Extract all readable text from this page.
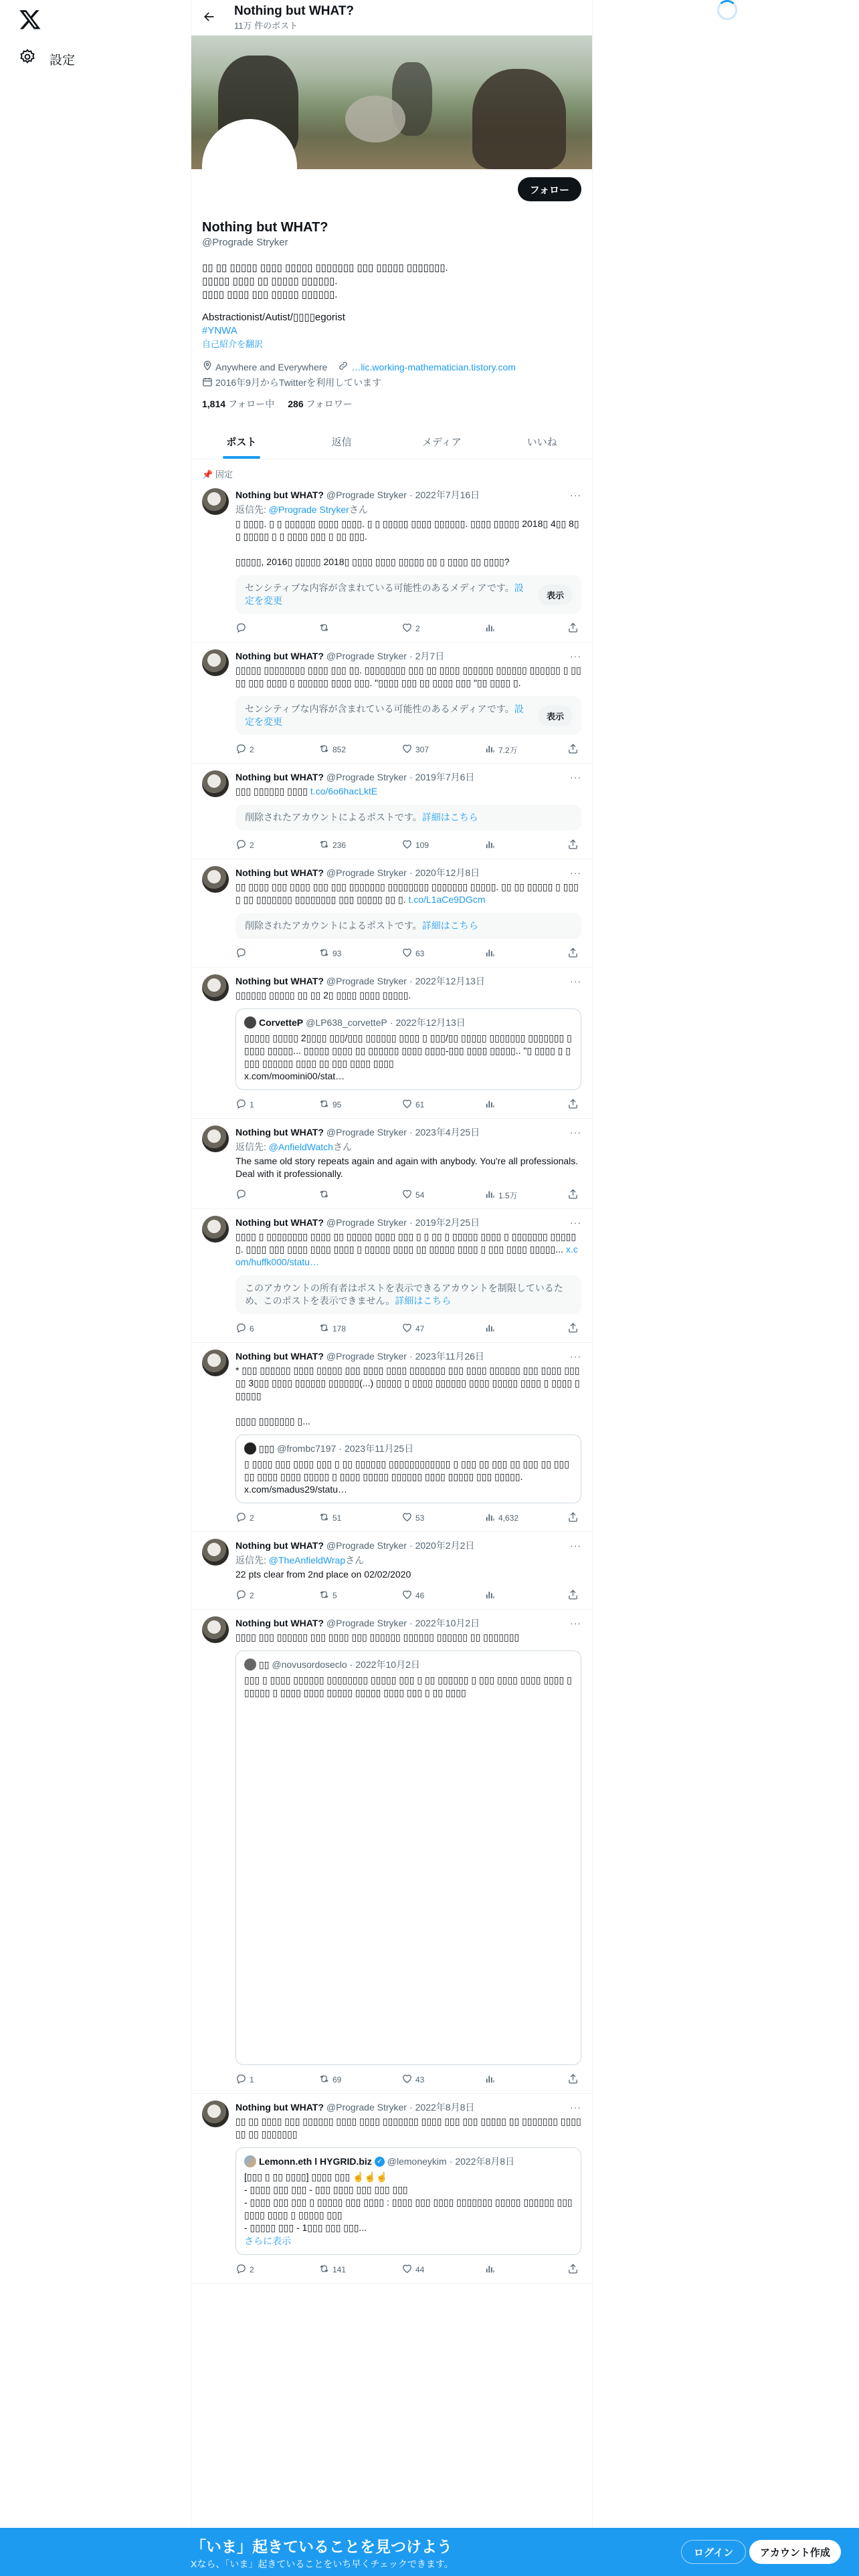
設定
Nothing but WHAT?
11万 件のポスト
フォロー
Nothing but WHAT?
@Prograde Stryker
▯▯ ▯▯ ▯▯▯▯▯ ▯▯▯▯ ▯▯▯▯▯ ▯▯▯▯▯▯▯ ▯▯▯ ▯▯▯▯▯ ▯▯▯▯▯▯▯.
▯▯▯▯▯ ▯▯▯▯ ▯▯ ▯▯▯▯▯ ▯▯▯▯▯▯.
▯▯▯▯ ▯▯▯▯ ▯▯▯ ▯▯▯▯▯ ▯▯▯▯▯▯.
Abstractionist/Autist/▯▯▯▯egorist
#YNWA
自己紹介を翻訳
Anywhere and Everywhere	…lic.working-mathematician.tistory.com
2016年9月からTwitterを利用しています
1,814 フォロー中 286 フォロワー
ポスト	返信	メディア	いいね
📌 固定
Nothing but WHAT? @Prograde Stryker · 2022年7月16日	···
返信先: @Prograde Strykerさん
▯ ▯▯▯▯. ▯ ▯ ▯▯▯▯▯▯ ▯▯▯▯ ▯▯▯▯. ▯ ▯ ▯▯▯▯▯ ▯▯▯▯ ▯▯▯▯▯▯. ▯▯▯▯ ▯▯▯▯▯ 2018▯ 4▯▯ 8▯▯ ▯▯▯▯▯ ▯ ▯ ▯▯▯▯ ▯▯▯ ▯ ▯▯ ▯▯▯.

▯▯▯▯▯, 2016▯ ▯▯▯▯▯ 2018▯ ▯▯▯▯ ▯▯▯▯ ▯▯▯▯▯ ▯▯ ▯ ▯▯▯▯ ▯▯ ▯▯▯▯?
センシティブな内容が含まれている可能性のあるメディアです。設定を変更	表示
2
Nothing but WHAT? @Prograde Stryker · 2月7日	···
▯▯▯▯▯ ▯▯▯▯▯▯▯▯ ▯▯▯▯ ▯▯▯ ▯▯. ▯▯▯▯▯▯▯▯ ▯▯▯ ▯▯ ▯▯▯▯ ▯▯▯▯▯▯ ▯▯▯▯▯▯ ▯▯▯▯▯▯ ▯ ▯▯▯▯ ▯▯▯ ▯▯▯▯ ▯ ▯▯▯▯▯▯ ▯▯▯▯ ▯▯▯. "▯▯▯▯ ▯▯▯ ▯▯ ▯▯▯▯ ▯▯▯ "▯▯ ▯▯▯▯ ▯.
センシティブな内容が含まれている可能性のあるメディアです。設定を変更	表示
2	852	307	7.2万
Nothing but WHAT? @Prograde Stryker · 2019年7月6日	···
▯▯▯ ▯▯▯▯▯▯ ▯▯▯▯ t.co/6o6hacLktE
削除されたアカウントによるポストです。詳細はこちら
2	236	109
Nothing but WHAT? @Prograde Stryker · 2020年12月8日	···
▯▯ ▯▯▯▯ ▯▯▯ ▯▯▯▯ ▯▯▯ ▯▯▯ ▯▯▯▯▯▯▯ ▯▯▯▯▯▯▯▯ ▯▯▯▯▯▯▯ ▯▯▯▯▯. ▯▯ ▯▯ ▯▯▯▯▯ ▯ ▯▯▯▯ ▯▯ ▯▯▯▯▯▯▯ ▯▯▯▯▯▯▯▯ ▯▯▯ ▯▯▯▯▯ ▯▯ ▯. t.co/L1aCe9DGcm
削除されたアカウントによるポストです。詳細はこちら
93	63
Nothing but WHAT? @Prograde Stryker · 2022年12月13日	···
▯▯▯▯▯▯ ▯▯▯▯▯ ▯▯ ▯▯ 2▯ ▯▯▯▯ ▯▯▯▯ ▯▯▯▯▯.
CorvetteP @LP638_corvetteP · 2022年12月13日
▯▯▯▯▯ ▯▯▯▯▯ 2▯▯▯▯ ▯▯▯/▯▯▯ ▯▯▯▯▯▯ ▯▯▯▯ ▯ ▯▯▯/▯▯ ▯▯▯▯▯ ▯▯▯▯▯▯▯ ▯▯▯▯▯▯▯ ▯▯▯▯▯ ▯▯▯▯▯... ▯▯▯▯▯ ▯▯▯▯ ▯▯ ▯▯▯▯▯▯ ▯▯▯▯ ▯▯▯▯-▯▯▯ ▯▯▯▯ ▯▯▯▯▯.. "▯ ▯▯▯▯ ▯ ▯▯▯▯ ▯▯▯▯▯▯ ▯▯▯▯ ▯▯ ▯▯▯ ▯▯▯▯ ▯▯▯▯
x.com/moomini00/stat…
1	95	61
Nothing but WHAT? @Prograde Stryker · 2023年4月25日	···
返信先: @AnfieldWatchさん
The same old story repeats again and again with anybody. You're all professionals. Deal with it professionally.
54	1.5万
Nothing but WHAT? @Prograde Stryker · 2019年2月25日	···
▯▯▯▯ ▯ ▯▯▯▯▯▯▯▯ ▯▯▯▯ ▯▯ ▯▯▯▯▯ ▯▯▯▯ ▯▯▯ ▯ ▯ ▯▯ ▯ ▯▯▯▯▯ ▯▯▯▯ ▯ ▯▯▯▯▯▯▯ ▯▯▯▯▯▯. ▯▯▯▯ ▯▯▯ ▯▯▯▯ ▯▯▯▯ ▯▯▯▯ ▯ ▯▯▯▯▯ ▯▯▯▯ ▯▯ ▯▯▯▯▯ ▯▯▯▯ ▯ ▯▯▯ ▯▯▯▯ ▯▯▯▯▯... x.com/huffk000/statu…
このアカウントの所有者はポストを表示できるアカウントを制限しているため、このポストを表示できません。詳細はこちら
6	178	47
Nothing but WHAT? @Prograde Stryker · 2023年11月26日	···
* ▯▯▯ ▯▯▯▯▯▯ ▯▯▯▯ ▯▯▯▯▯ ▯▯▯ ▯▯▯▯ ▯▯▯▯ ▯▯▯▯▯▯▯ ▯▯▯ ▯▯▯▯ ▯▯▯▯▯▯ ▯▯▯ ▯▯▯▯ ▯▯▯▯▯ 3▯▯▯ ▯▯▯▯ ▯▯▯▯▯▯ ▯▯▯▯▯▯(...) ▯▯▯▯▯ ▯ ▯▯▯▯ ▯▯▯▯▯▯ ▯▯▯▯ ▯▯▯▯▯ ▯▯▯▯ ▯ ▯▯▯▯ ▯▯▯▯▯▯

▯▯▯▯ ▯▯▯▯▯▯▯ ▯...
▯▯▯ @frombc7197 · 2023年11月25日
▯ ▯▯▯▯ ▯▯▯ ▯▯▯▯ ▯▯▯ ▯ ▯▯ ▯▯▯▯▯▯ ▯▯▯▯▯▯▯▯▯▯▯▯ ▯ ▯▯▯ ▯▯ ▯▯▯ ▯▯ ▯▯▯ ▯▯ ▯▯▯▯▯ ▯▯▯▯ ▯▯▯▯ ▯▯▯▯▯ ▯ ▯▯▯▯ ▯▯▯▯▯ ▯▯▯▯▯▯ ▯▯▯▯ ▯▯▯▯▯ ▯▯▯ ▯▯▯▯▯.
x.com/smadus29/statu…
2	51	53	4,632
Nothing but WHAT? @Prograde Stryker · 2020年2月2日	···
返信先: @TheAnfieldWrapさん
22 pts clear from 2nd place on 02/02/2020
2	5	46
Nothing but WHAT? @Prograde Stryker · 2022年10月2日	···
▯▯▯▯ ▯▯▯ ▯▯▯▯▯▯ ▯▯▯ ▯▯▯▯ ▯▯▯ ▯▯▯▯▯▯ ▯▯▯▯▯▯ ▯▯▯▯▯▯ ▯▯ ▯▯▯▯▯▯▯
▯▯ @novusordoseclo · 2022年10月2日
▯▯▯ ▯ ▯▯▯▯ ▯▯▯▯▯▯ ▯▯▯▯▯▯▯▯ ▯▯▯▯▯ ▯▯▯ ▯ ▯▯ ▯▯▯▯▯▯ ▯ ▯▯▯ ▯▯▯▯ ▯▯▯▯ ▯▯▯▯ ▯▯▯▯▯▯ ▯ ▯▯▯▯ ▯▯▯▯ ▯▯▯▯▯ ▯▯▯▯▯ ▯▯▯▯ ▯▯▯ ▯ ▯▯ ▯▯▯▯
1	69	43
Nothing but WHAT? @Prograde Stryker · 2022年8月8日	···
▯▯ ▯▯ ▯▯▯▯ ▯▯▯ ▯▯▯▯▯▯ ▯▯▯▯ ▯▯▯▯ ▯▯▯▯▯▯▯ ▯▯▯▯ ▯▯▯ ▯▯▯ ▯▯▯▯▯ ▯▯ ▯▯▯▯▯▯▯ ▯▯▯▯ ▯▯ ▯▯ ▯▯▯▯▯▯▯
Lemonn.eth l HYGRID.biz ✓ @lemoneykim · 2022年8月8日
[▯▯▯ ▯ ▯▯ ▯▯▯▯] ▯▯▯▯ ▯▯▯ ☝️☝️☝️
- ▯▯▯▯ ▯▯▯ ▯▯▯ - ▯▯▯ ▯▯▯▯ ▯▯▯ ▯▯▯ ▯▯▯
- ▯▯▯▯ ▯▯▯ ▯▯▯ ▯ ▯▯▯▯▯ ▯▯▯ ▯▯▯▯ : ▯▯▯▯ ▯▯▯ ▯▯▯▯ ▯▯▯▯▯▯▯ ▯▯▯▯▯ ▯▯▯▯▯▯ ▯▯▯▯▯▯▯ ▯▯▯▯ ▯ ▯▯▯▯▯ ▯▯▯
- ▯▯▯▯▯ ▯▯▯ - 1▯▯▯ ▯▯▯ ▯▯▯...
さらに表示
2	141	44
「いま」起きていることを見つけよう
Xなら、「いま」起きていることをいち早くチェックできます。
ログイン	アカウント作成
